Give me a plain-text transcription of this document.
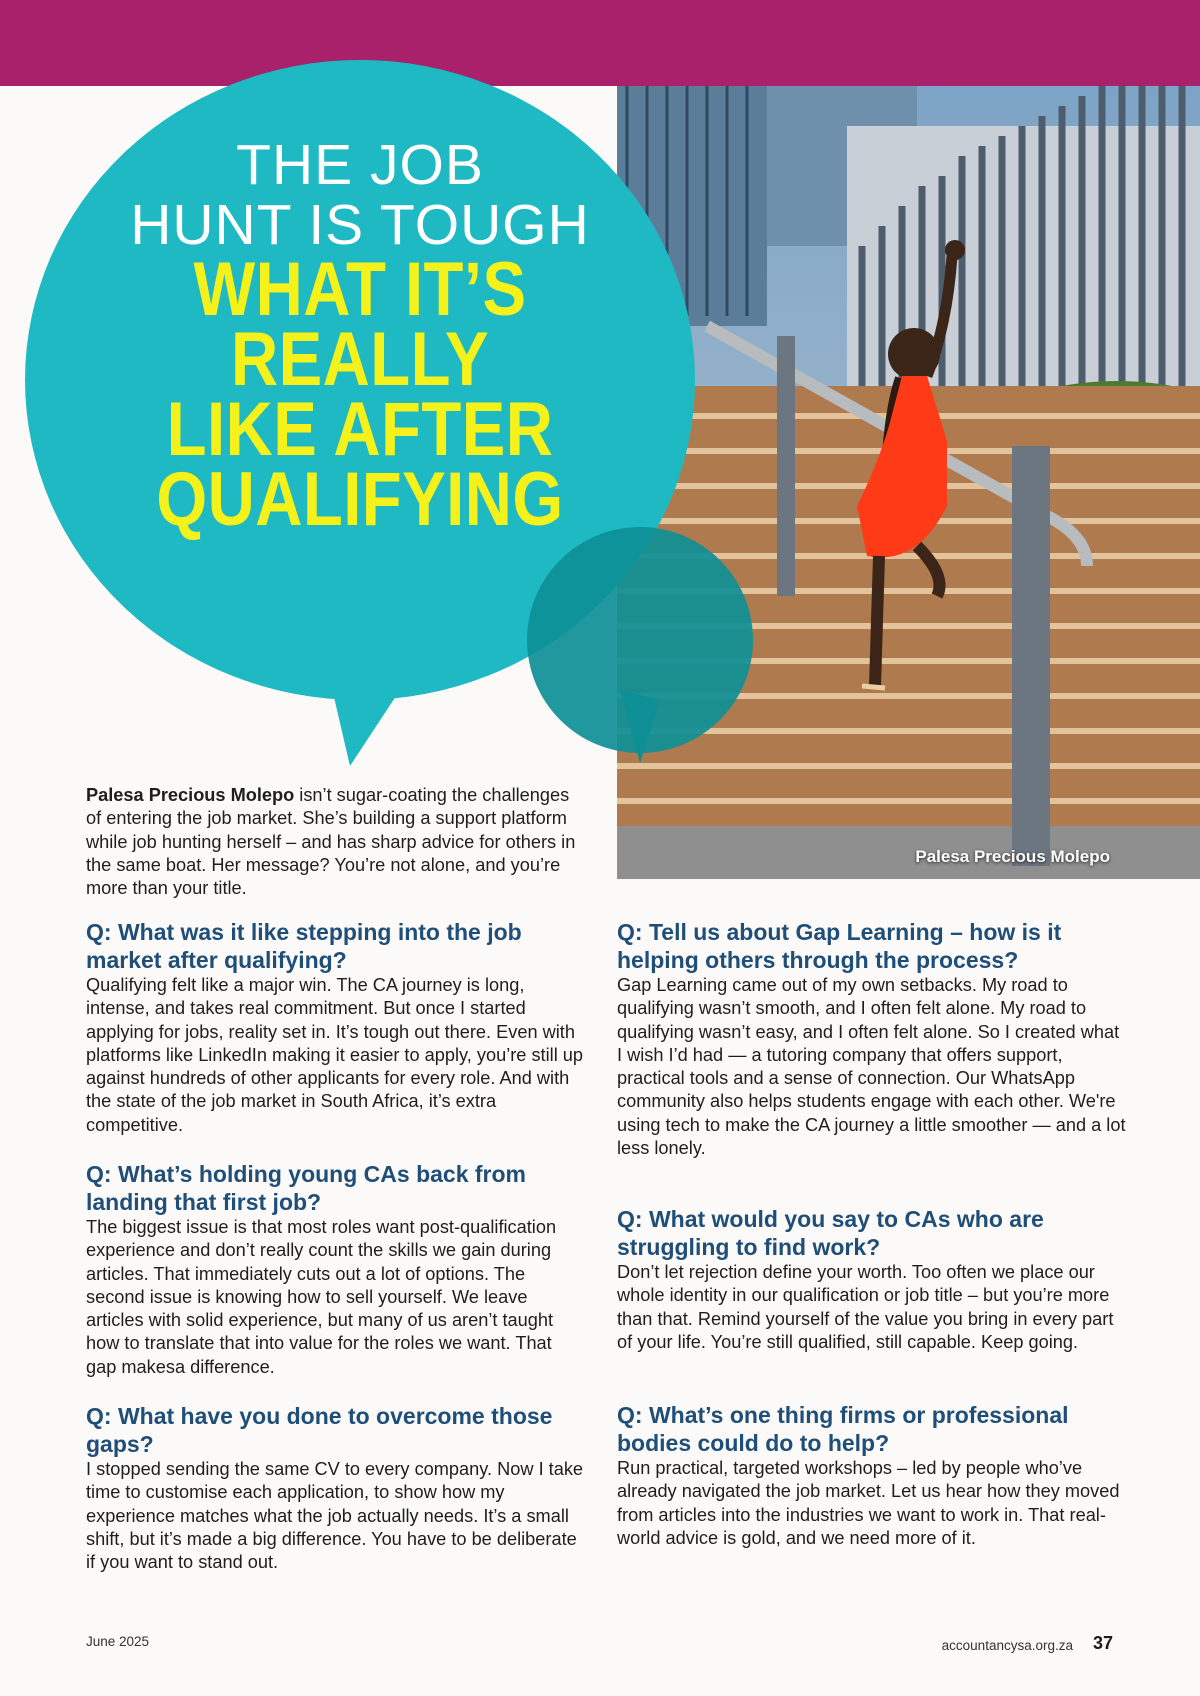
Palesa Precious Molepo
THE JOB
HUNT IS TOUGH
WHAT IT’S
REALLY
LIKE AFTER
QUALIFYING

Palesa Precious Molepo isn’t sugar-coating the challenges of entering the job market. She’s building a support platform while job hunting herself – and has sharp advice for others in the same boat. Her message? You’re not alone, and you’re more than your title.

Q: What was it like stepping into the job market after qualifying?

Qualifying felt like a major win. The CA journey is long, intense, and takes real commitment. But once I started applying for jobs, reality set in. It’s tough out there. Even with platforms like LinkedIn making it easier to apply, you’re still up against hundreds of other applicants for every role. And with the state of the job market in South Africa, it’s extra competitive.

Q: What’s holding young CAs back from landing that first job?

The biggest issue is that most roles want post-qualification experience and don’t really count the skills we gain during articles. That immediately cuts out a lot of options. The second issue is knowing how to sell yourself. We leave articles with solid experience, but many of us aren’t taught how to translate that into value for the roles we want. That gap makesa difference.

Q: What have you done to overcome those gaps?

I stopped sending the same CV to every company. Now I take time to customise each application, to show how my experience matches what the job actually needs. It’s a small shift, but it’s made a big difference. You have to be deliberate if you want to stand out.

Q: Tell us about Gap Learning – how is it helping others through the process?

Gap Learning came out of my own setbacks. My road to qualifying wasn’t smooth, and I often felt alone. My road to qualifying wasn’t easy, and I often felt alone. So I created what I wish I’d had — a tutoring company that offers support, practical tools and a sense of connection. Our WhatsApp community also helps students engage with each other. We're using tech to make the CA journey a little smoother — and a lot less lonely.

Q: What would you say to CAs who are struggling to find work?

Don’t let rejection define your worth. Too often we place our whole identity in our qualification or job title – but you’re more than that. Remind yourself of the value you bring in every part of your life. You’re still qualified, still capable. Keep going.

Q: What’s one thing firms or professional bodies could do to help?

Run practical, targeted workshops – led by people who’ve already navigated the job market. Let us hear how they moved from articles into the industries we want to work in. That real-world advice is gold, and we need more of it.

June 2025	accountancysa.org.za 37
